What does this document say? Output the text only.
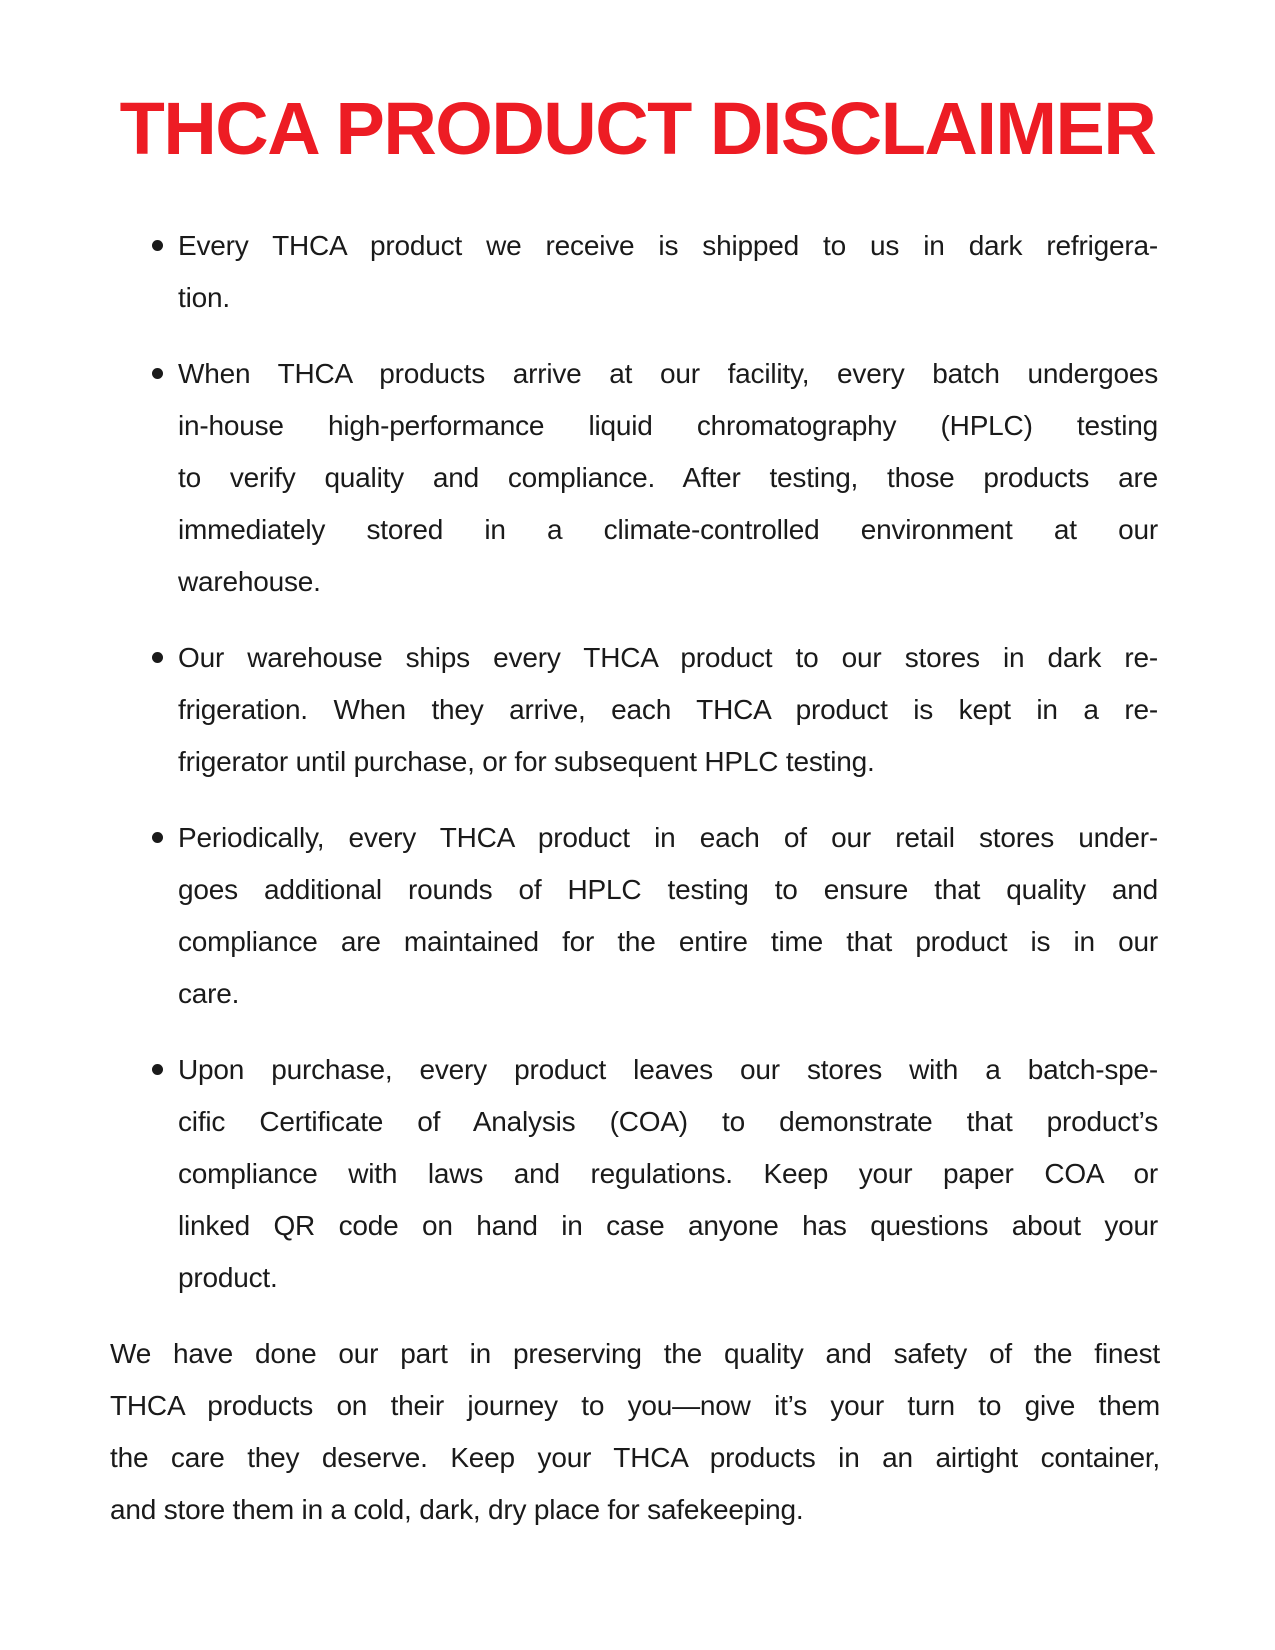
THCA PRODUCT DISCLAIMER
Every THCA product we receive is shipped to us in dark refrigera-
tion.
When THCA products arrive at our facility, every batch undergoes
in-house high-performance liquid chromatography (HPLC) testing
to verify quality and compliance. After testing, those products are
immediately stored in a climate-controlled environment at our
warehouse.
Our warehouse ships every THCA product to our stores in dark re-
frigeration. When they arrive, each THCA product is kept in a re-
frigerator until purchase, or for subsequent HPLC testing.
Periodically, every THCA product in each of our retail stores under-
goes additional rounds of HPLC testing to ensure that quality and
compliance are maintained for the entire time that product is in our
care.
Upon purchase, every product leaves our stores with a batch-spe-
cific Certificate of Analysis (COA) to demonstrate that product’s
compliance with laws and regulations. Keep your paper COA or
linked QR code on hand in case anyone has questions about your
product.
We have done our part in preserving the quality and safety of the finest
THCA products on their journey to you—now it’s your turn to give them
the care they deserve. Keep your THCA products in an airtight container,
and store them in a cold, dark, dry place for safekeeping.
